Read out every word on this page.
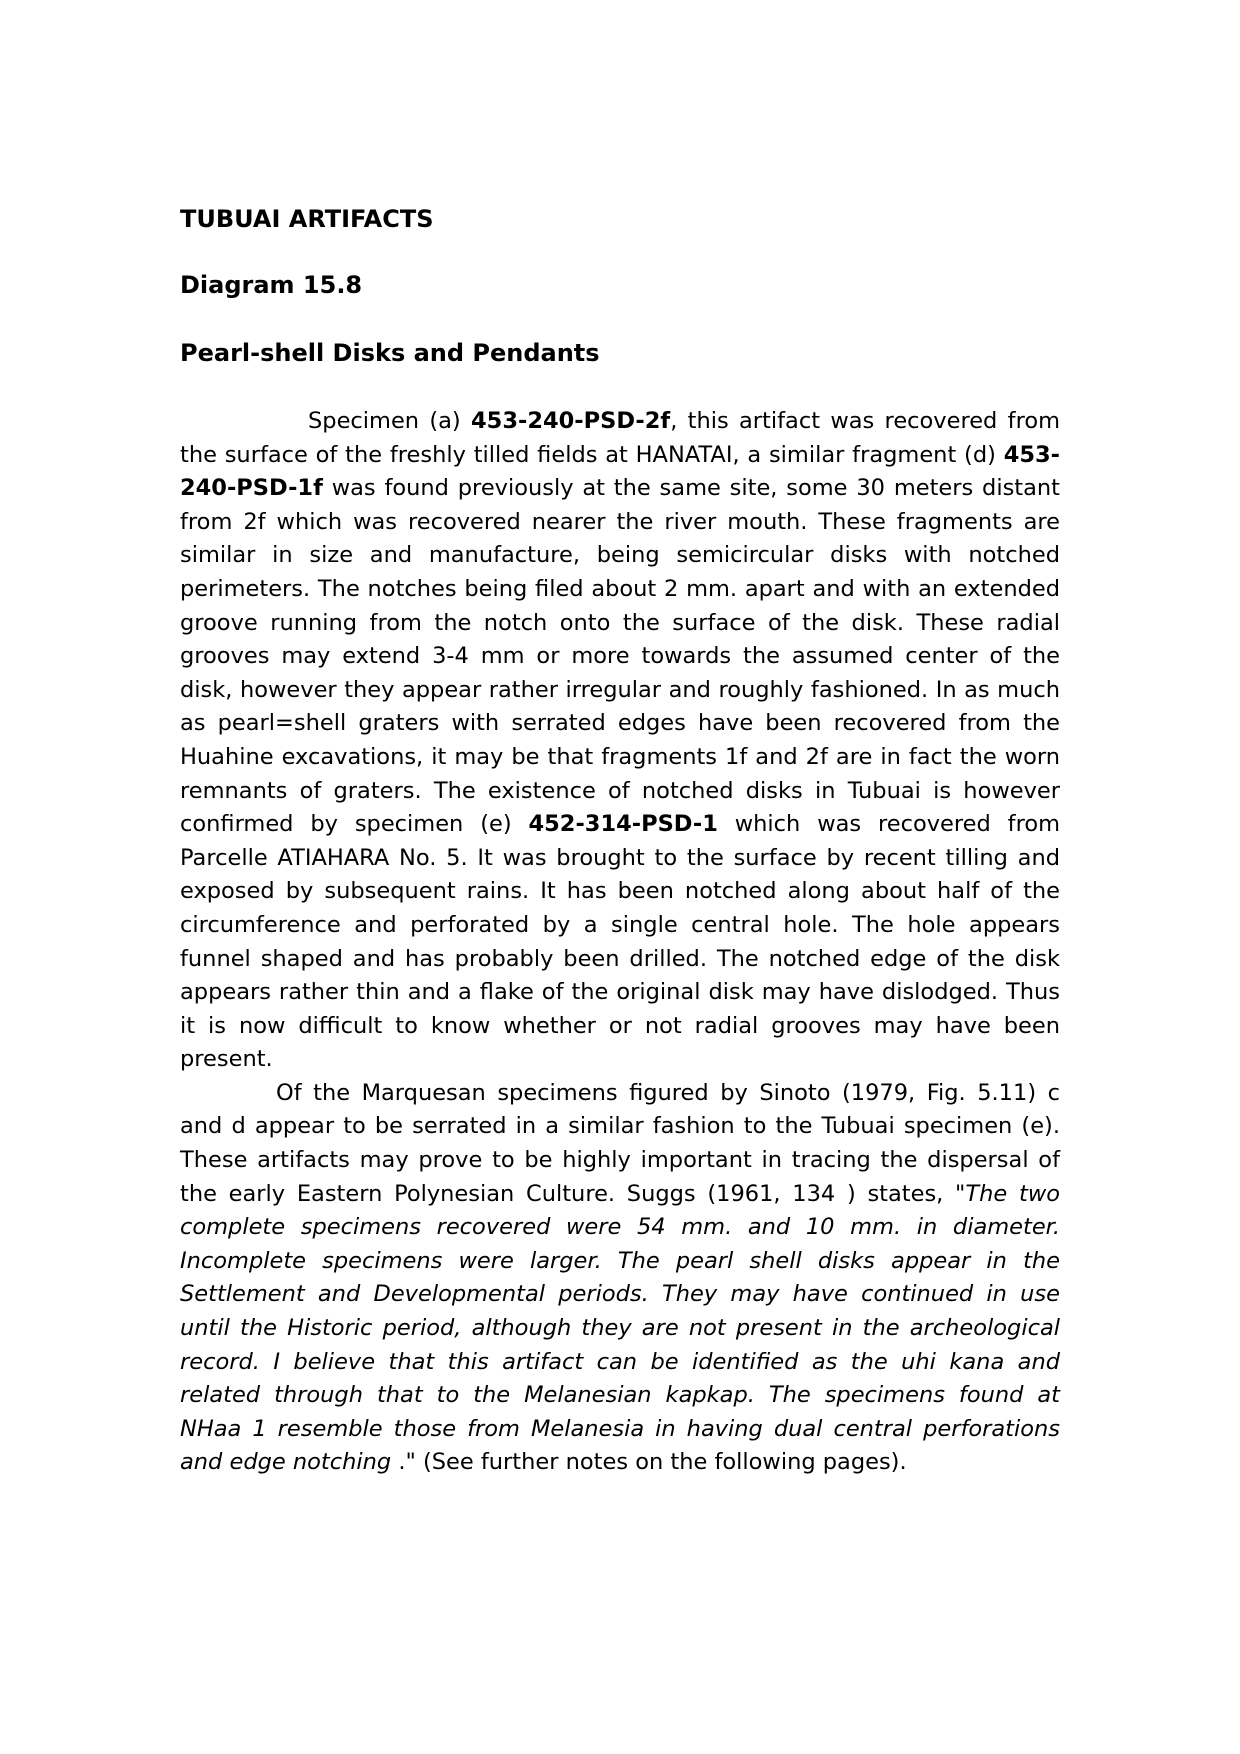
TUBUAI ARTIFACTS
Diagram 15.8
Pearl-shell Disks and Pendants

Specimen (a) 453-240-PSD-2f, this artifact was recovered from the surface of the freshly tilled fields at HANATAI, a similar fragment (d) 453-240-PSD-1f was found previously at the same site, some 30 meters distant from 2f which was recovered nearer the river mouth. These fragments are similar in size and manufacture, being semicircular disks with notched perimeters. The notches being filed about 2 mm. apart and with an extended groove running from the notch onto the surface of the disk. These radial grooves may extend 3-4 mm or more towards the assumed center of the disk, however they appear rather irregular and roughly fashioned. In as much as pearl=shell graters with serrated edges have been recovered from the Huahine excavations, it may be that fragments 1f and 2f are in fact the worn remnants of graters. The existence of notched disks in Tubuai is however confirmed by specimen (e) 452-314-PSD-1 which was recovered from Parcelle ATIAHARA No. 5. It was brought to the surface by recent tilling and exposed by subsequent rains. It has been notched along about half of the circumference and perforated by a single central hole. The hole appears funnel shaped and has probably been drilled. The notched edge of the disk appears rather thin and a flake of the original disk may have dislodged. Thus it is now difficult to know whether or not radial grooves may have been present.

Of the Marquesan specimens figured by Sinoto (1979, Fig. 5.11) c and d appear to be serrated in a similar fashion to the Tubuai specimen (e). These artifacts may prove to be highly important in tracing the dispersal of the early Eastern Polynesian Culture. Suggs (1961, 134 ) states, "The two complete specimens recovered were 54 mm. and 10 mm. in diameter. Incomplete specimens were larger. The pearl shell disks appear in the Settlement and Developmental periods. They may have continued in use until the Historic period, although they are not present in the archeological record. I believe that this artifact can be identified as the uhi kana and related through that to the Melanesian kapkap. The specimens found at NHaa 1 resemble those from Melanesia in having dual central perforations and edge notching ." (See further notes on the following pages).
